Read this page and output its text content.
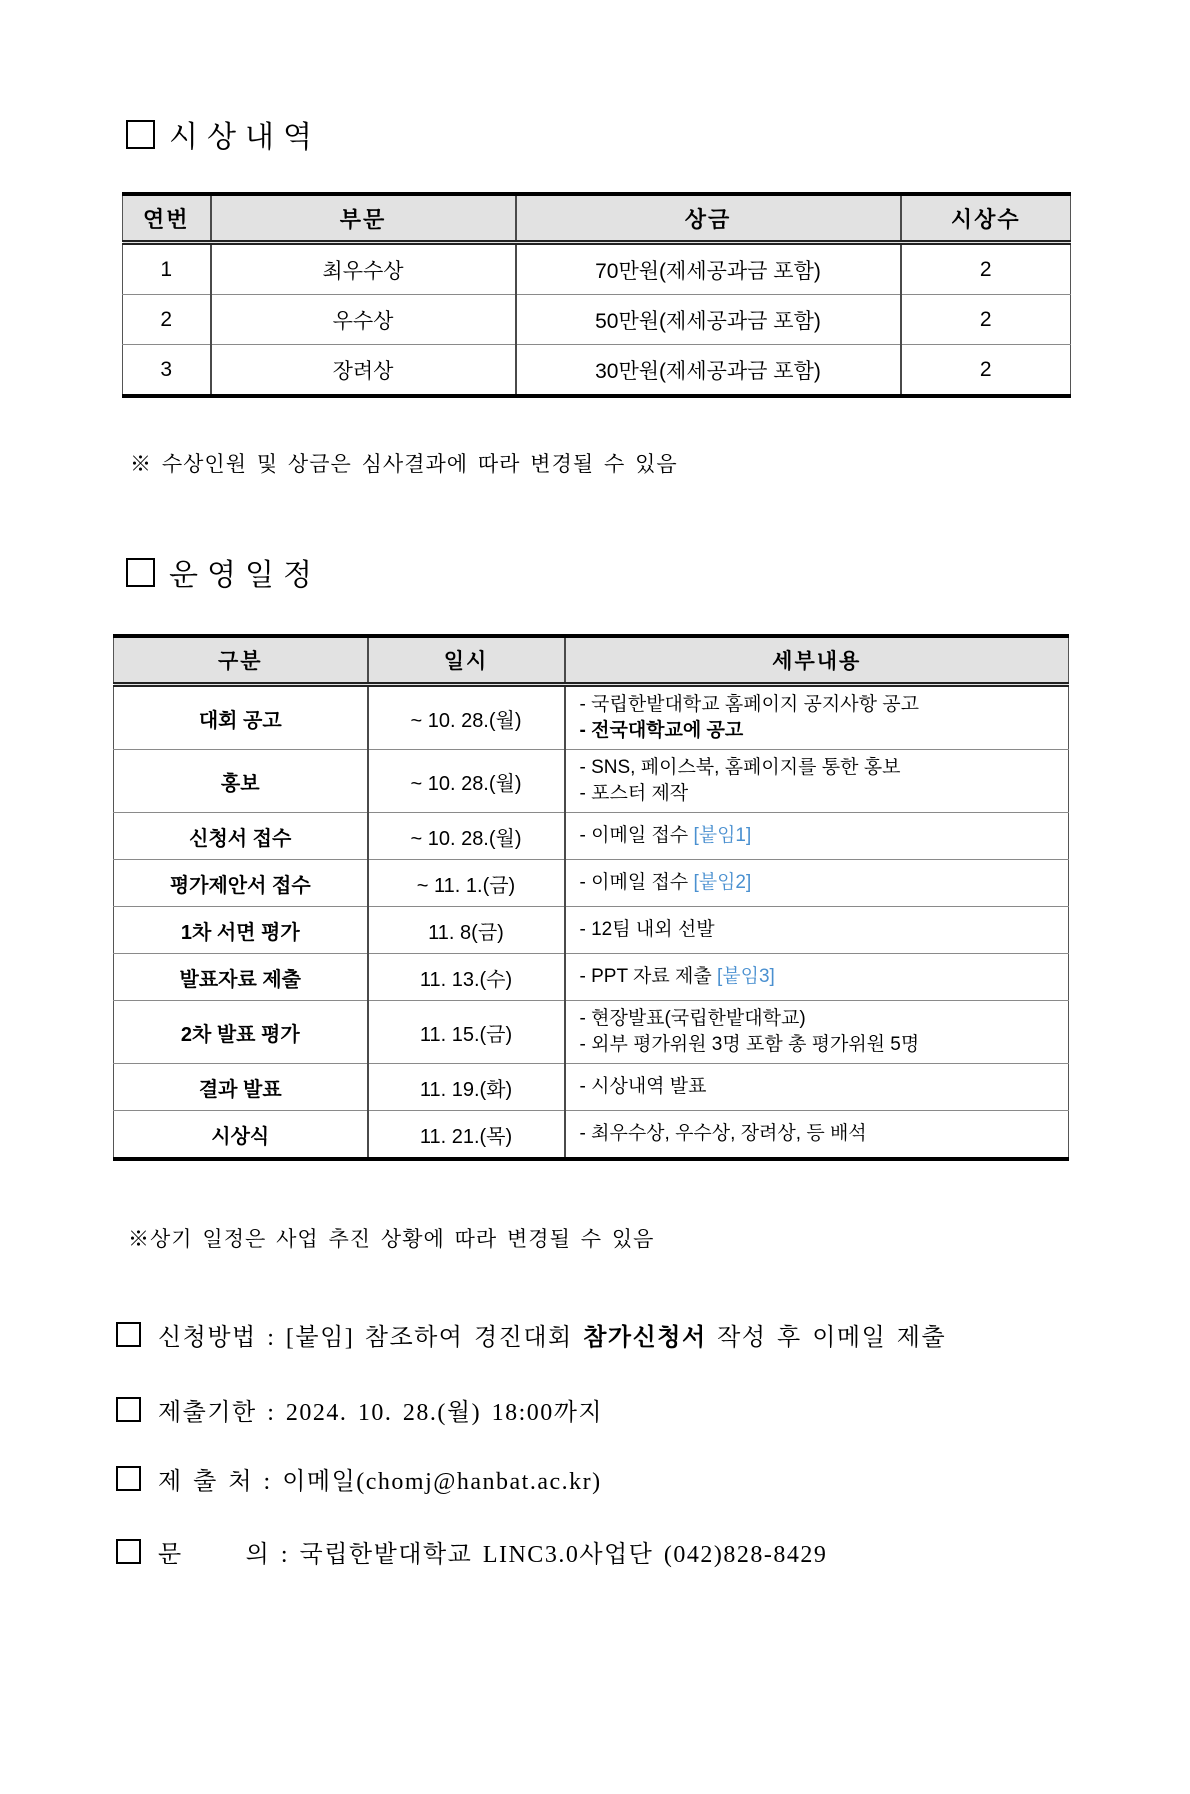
시상내역
연번	부문	상금	시상수
1	최우수상	70만원(제세공과금 포함)	2
2	우수상	50만원(제세공과금 포함)	2
3	장려상	30만원(제세공과금 포함)	2
※ 수상인원 및 상금은 심사결과에 따라 변경될 수 있음
운영일정
구분	일시	세부내용
대회 공고	~ 10. 28.(월)	- 국립한밭대학교 홈페이지 공지사항 공고
- 전국대학교에 공고

홍보	~ 10. 28.(월)	- SNS, 페이스북, 홈페이지를 통한 홍보
- 포스터 제작

신청서 접수	~ 10. 28.(월)	- 이메일 접수 [붙임1]

평가제안서 접수	~ 11. 1.(금)	- 이메일 접수 [붙임2]

1차 서면 평가	11. 8(금)	- 12팀 내외 선발

발표자료 제출	11. 13.(수)	- PPT 자료 제출 [붙임3]

2차 발표 평가	11. 15.(금)	- 현장발표(국립한밭대학교)
- 외부 평가위원 3명 포함 총 평가위원 5명

결과 발표	11. 19.(화)	- 시상내역 발표

시상식	11. 21.(목)	- 최우수상, 우수상, 장려상, 등 배석
※상기 일정은 사업 추진 상황에 따라 변경될 수 있음
신청방법 : [붙임] 참조하여 경진대회 참가신청서 작성 후 이메일 제출
제출기한 : 2024. 10. 28.(월) 18:00까지
제 출 처 : 이메일(chomj@hanbat.ac.kr)
문      의 : 국립한밭대학교 LINC3.0사업단 (042)828-8429
